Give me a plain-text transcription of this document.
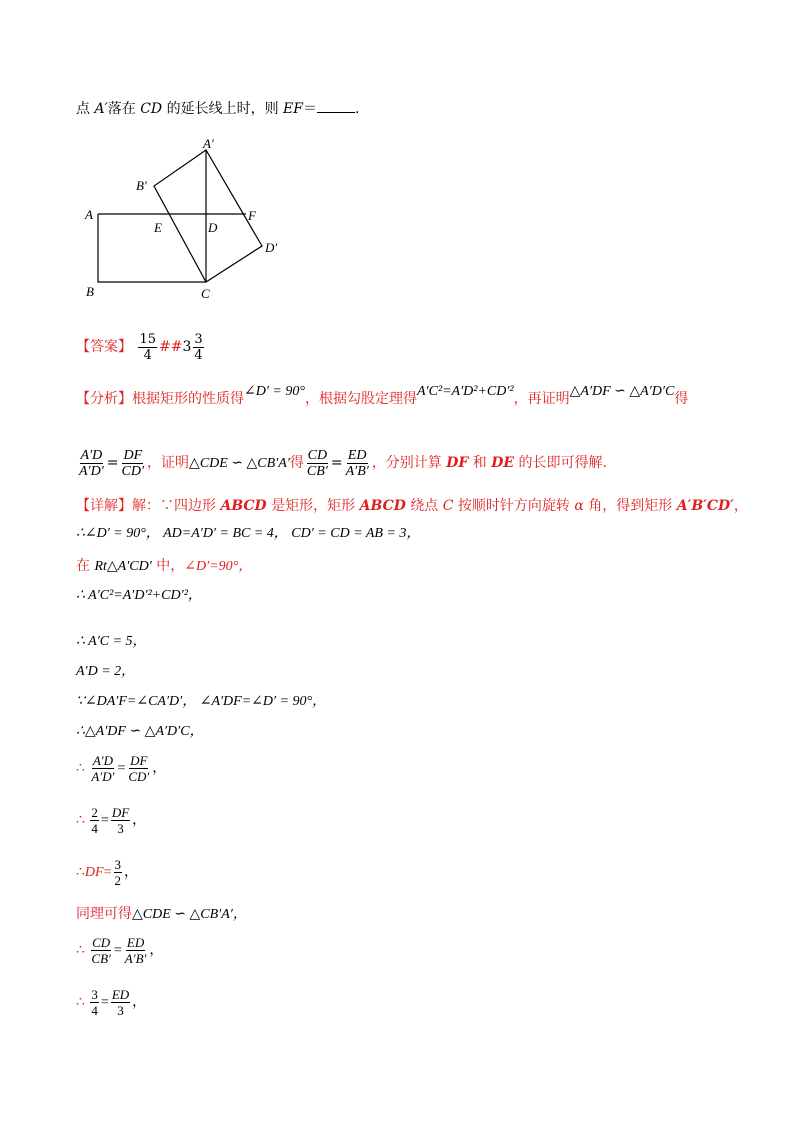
点 A′落在 CD 的延长线上时，则 EF＝	.
A
B	C
D
E
F
A′
B′
D′
【答案】 $\frac{15}{4}$ ##3 $\frac{3}{4}$
【分析】根据矩形的性质得∠D′ = 90°，根据勾股定理得A′C²=A′D²+CD′²，再证明△A′DF ∽ △A′D′C得
$\frac{A'D}{A'D'} = \frac{DF}{CD'}$ ，证明△CDE ∽ △CB′A′得 $\frac{CD}{CB'} = \frac{ED}{A'B'}$ ，分别计算 DF 和 DE 的长即可得解.
【详解】解：∵四边形 ABCD 是矩形，矩形 ABCD 绕点 C 按顺时针方向旋转 α 角，得到矩形 A′B′CD′，
∴∠D′ = 90°， AD=A′D′ = BC = 4， CD′ = CD = AB = 3，
在 Rt△A′CD′ 中，∠D′=90°，
∴ A′C²=A′D′²+CD′²，
∴ A′C = 5，
A′D = 2，
∵∠DA′F=∠CA′D′， ∠A′DF=∠D′ = 90°，
∴△A′DF ∽ △A′D′C，
∴ $\frac{A'D}{A'D'} = \frac{DF}{CD'}$ ，
∴ $\frac{2}{4} = \frac{DF}{3}$ ，
∴DF= $\frac{3}{2}$ ，
同理可得△CDE ∽ △CB′A′，
∴ $\frac{CD}{CB'} = \frac{ED}{A'B'}$ ，
∴ $\frac{3}{4} = \frac{ED}{3}$ ，
